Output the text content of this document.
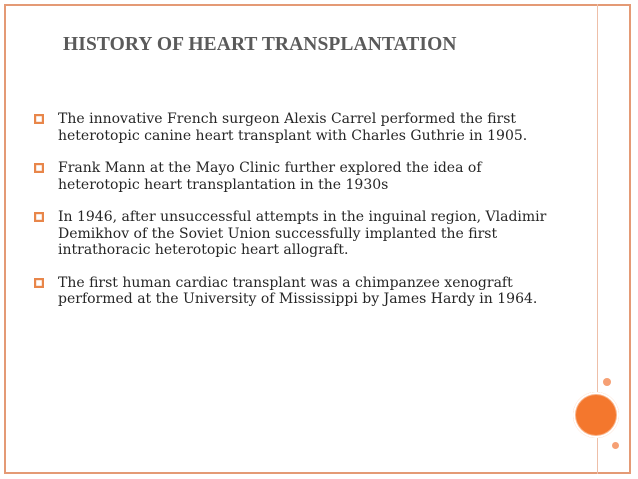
HISTORY OF HEART TRANSPLANTATION
The innovative French surgeon Alexis Carrel performed the first heterotopic canine heart transplant with Charles Guthrie in 1905.
Frank Mann at the Mayo Clinic further explored the idea of heterotopic heart transplantation in the 1930s
In 1946, after unsuccessful attempts in the inguinal region, Vladimir Demikhov of the Soviet Union successfully implanted the first intrathoracic heterotopic heart allograft.
The first human cardiac transplant was a chimpanzee xenograft performed at the University of Mississippi by James Hardy in 1964.
